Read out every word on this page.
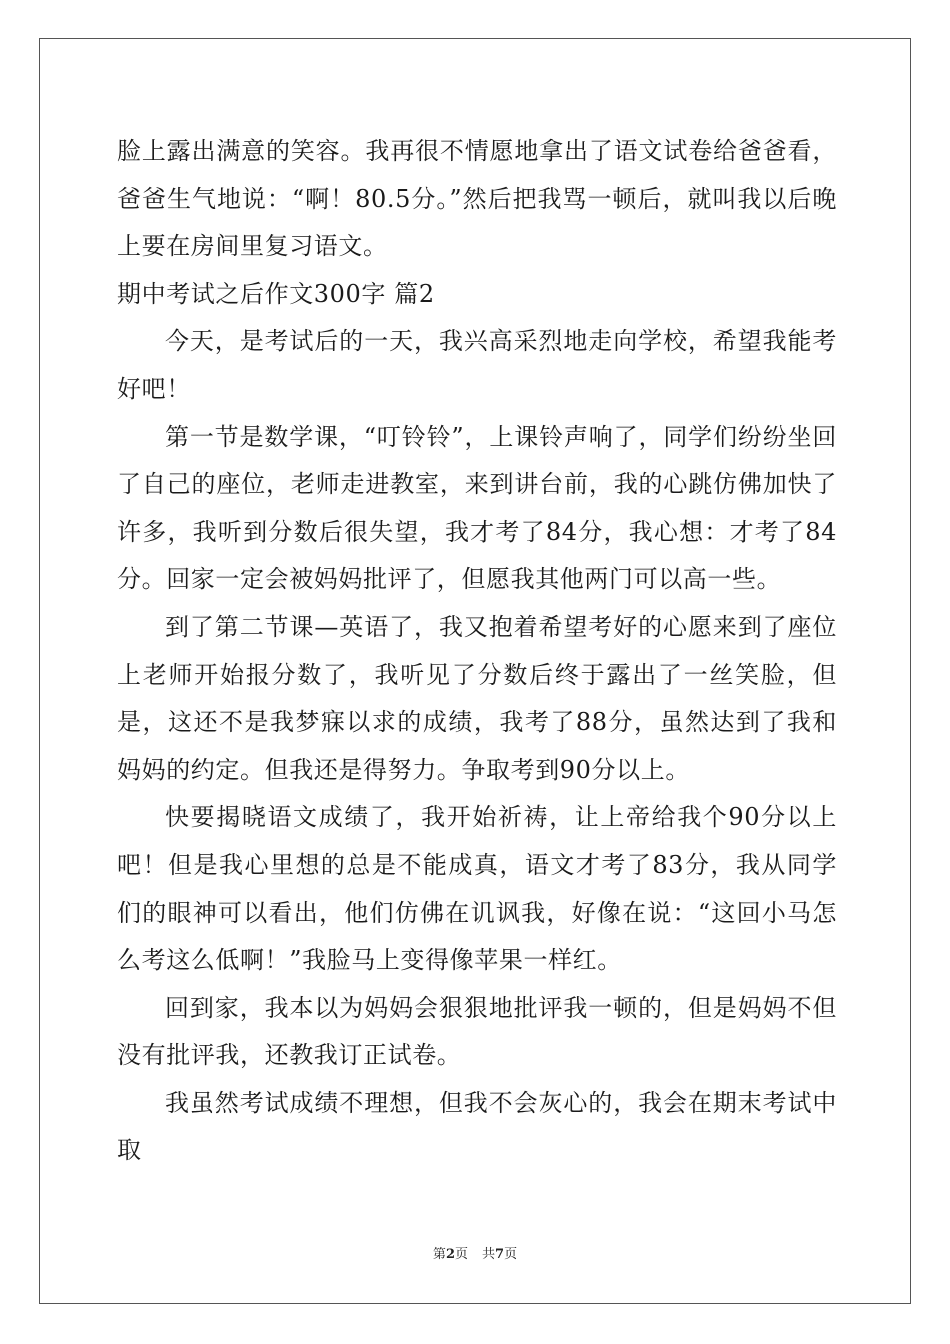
脸上露出满意的笑容。我再很不情愿地拿出了语文试卷给爸爸看，爸爸生气地说：“啊！80.5分。”然后把我骂一顿后，就叫我以后晚上要在房间里复习语文。

期中考试之后作文300字 篇2

今天，是考试后的一天，我兴高采烈地走向学校，希望我能考好吧！

第一节是数学课，“叮铃铃”，上课铃声响了，同学们纷纷坐回了自己的座位，老师走进教室，来到讲台前，我的心跳仿佛加快了许多，我听到分数后很失望，我才考了84分，我心想：才考了84分。回家一定会被妈妈批评了，但愿我其他两门可以高一些。

到了第二节课—英语了，我又抱着希望考好的心愿来到了座位上老师开始报分数了，我听见了分数后终于露出了一丝笑脸，但是，这还不是我梦寐以求的成绩，我考了88分，虽然达到了我和妈妈的约定。但我还是得努力。争取考到90分以上。

快要揭晓语文成绩了，我开始祈祷，让上帝给我个90分以上吧！但是我心里想的总是不能成真，语文才考了83分，我从同学们的眼神可以看出，他们仿佛在讥讽我，好像在说：“这回小马怎么考这么低啊！”我脸马上变得像苹果一样红。

回到家，我本以为妈妈会狠狠地批评我一顿的，但是妈妈不但没有批评我，还教我订正试卷。

我虽然考试成绩不理想，但我不会灰心的，我会在期末考试中取

第2页 共7页
